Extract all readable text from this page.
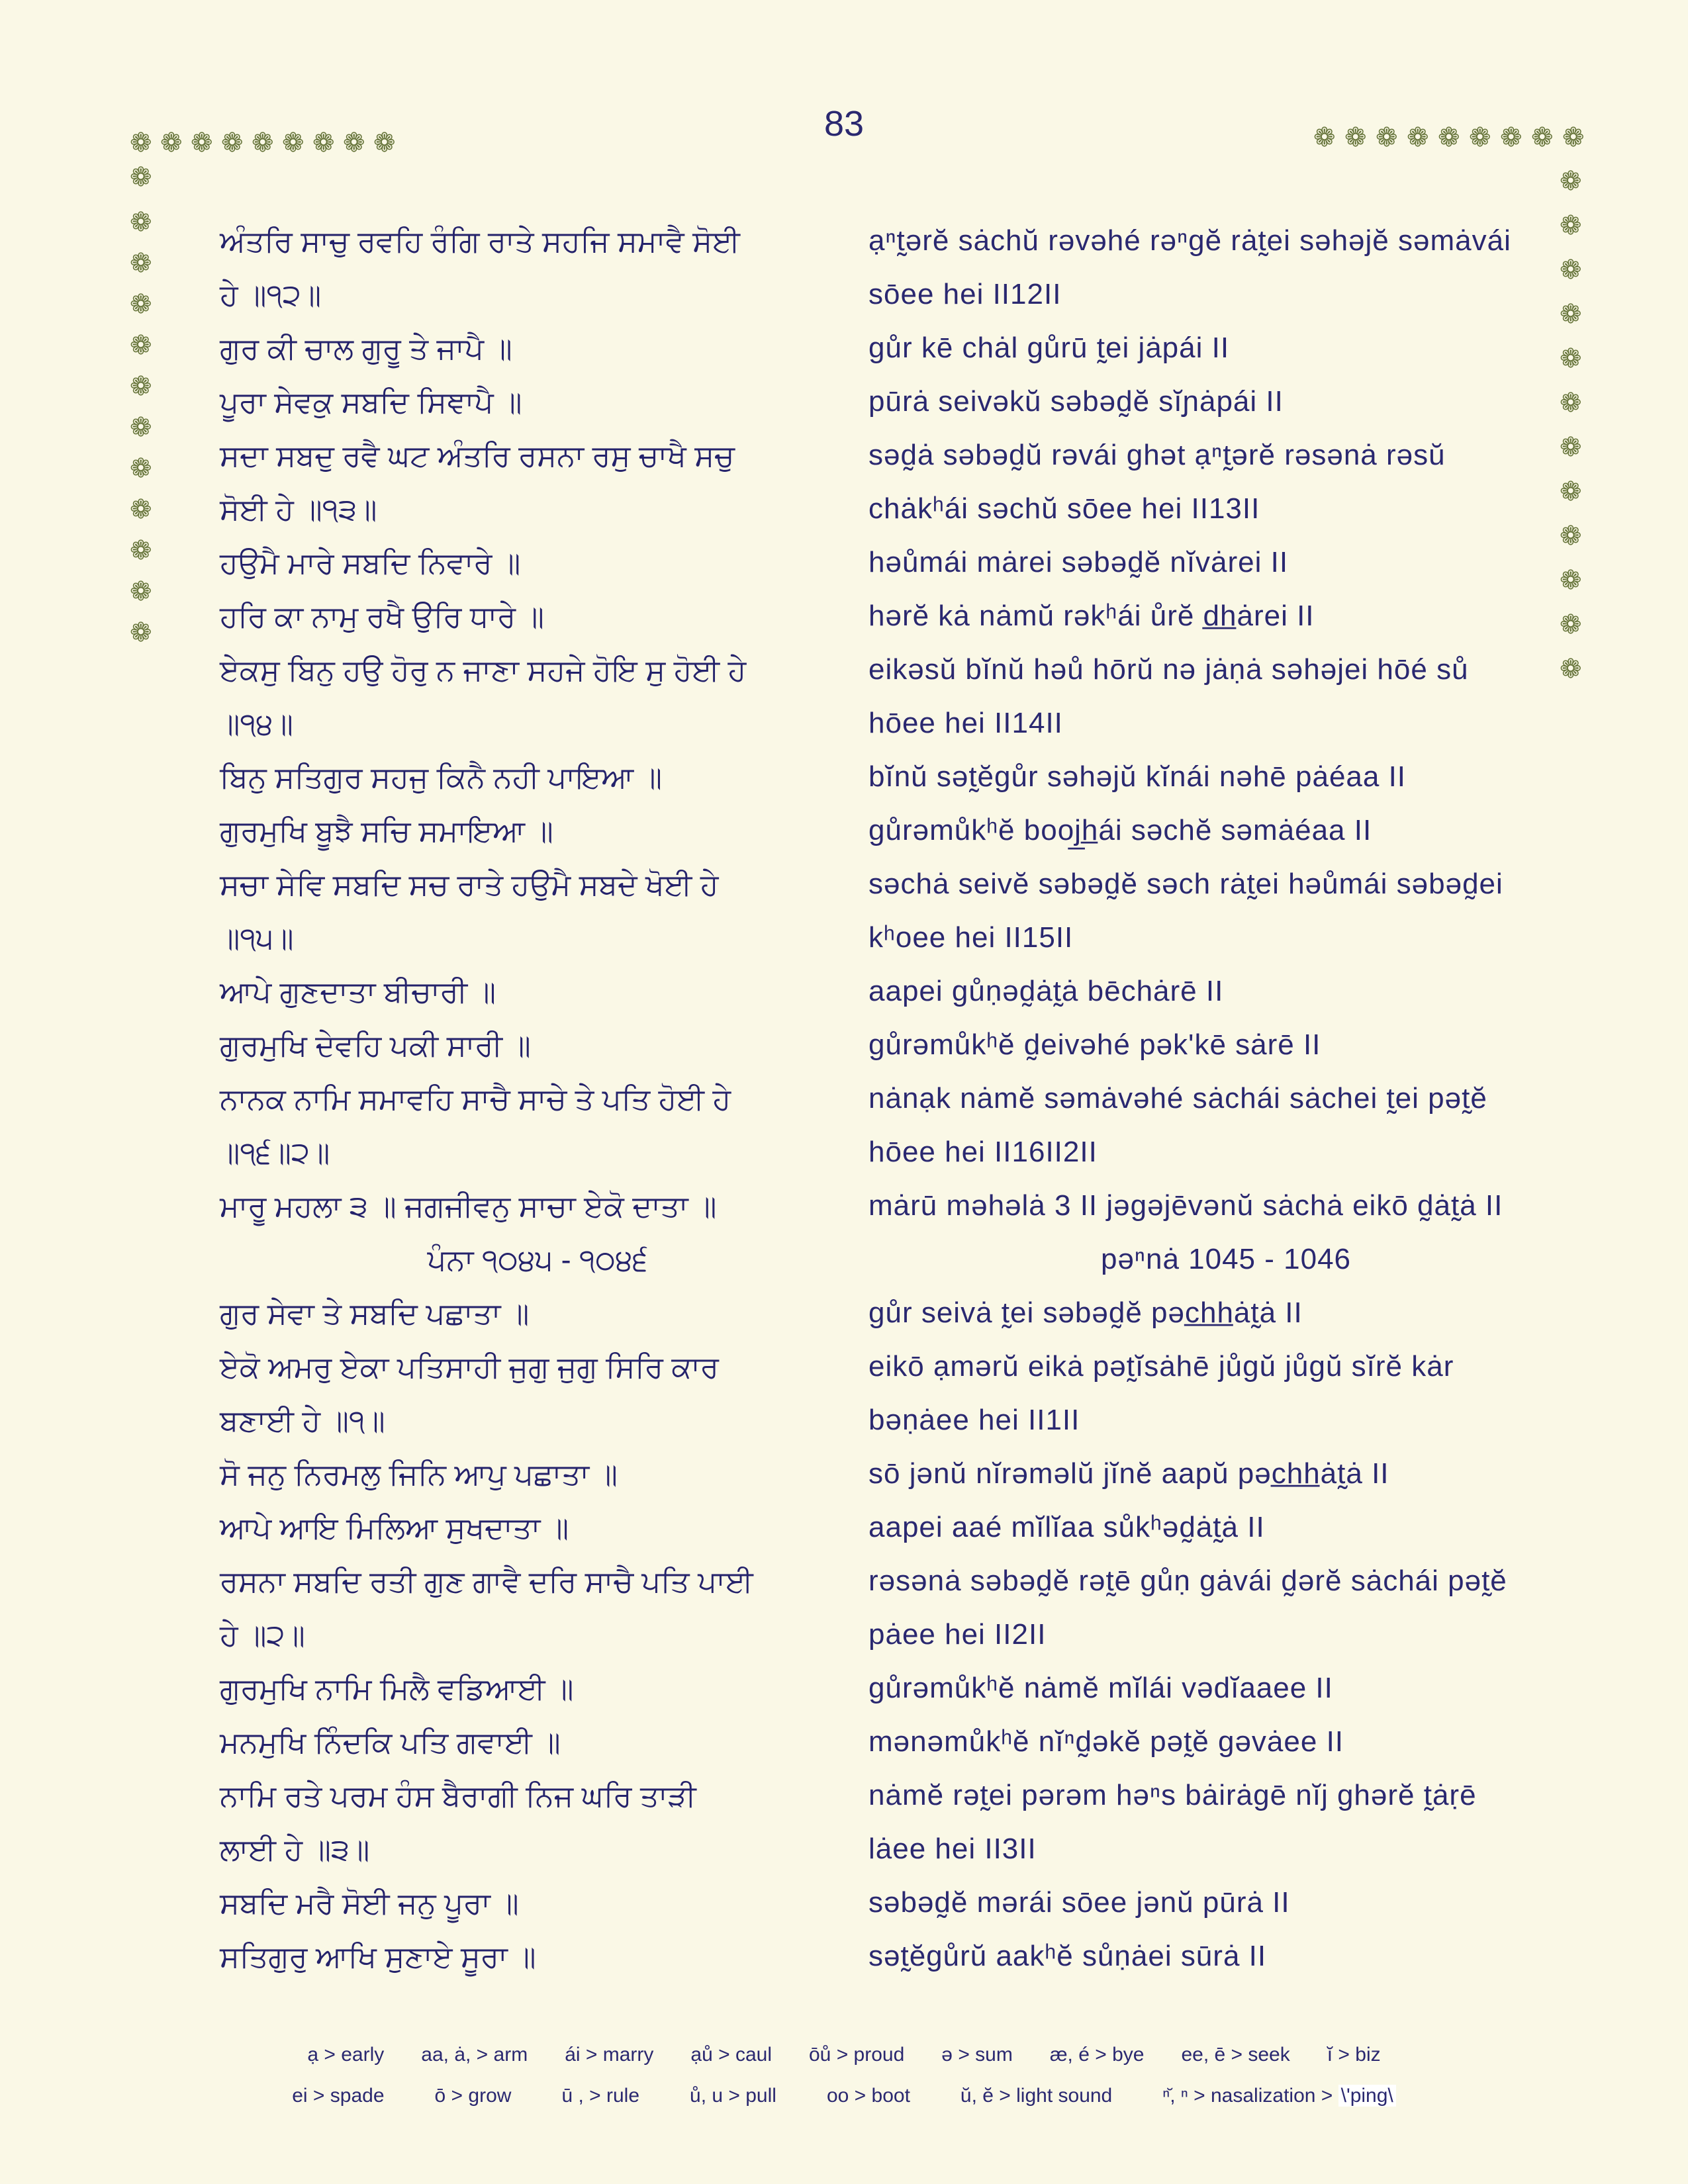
83
❁ ❁ ❁ ❁ ❁ ❁ ❁ ❁ ❁
❁
❁
❁
❁
❁
❁
❁
❁
❁
❁
❁
❁
❁ ❁ ❁ ❁ ❁ ❁ ❁ ❁ ❁
❁
❁
❁
❁
❁
❁
❁
❁
❁
❁
❁
❁
ਅੰਤਰਿ ਸਾਚੁ ਰਵਹਿ ਰੰਗਿ ਰਾਤੇ ਸਹਜਿ ਸਮਾਵੈ ਸੋਈ	ạⁿt̰ərĕ sȧchŭ rəvəhé rəⁿgĕ rȧt̰ei səhəjĕ səmȧvái
ਹੇ ॥੧੨॥	sōee hei II12II
ਗੁਰ ਕੀ ਚਾਲ ਗੁਰੂ ਤੇ ਜਾਪੈ ॥	gůr kē chȧl gůrū t̰ei jȧpái II
ਪੂਰਾ ਸੇਵਕੁ ਸਬਦਿ ਸਿਞਾਪੈ ॥	pūrȧ seivəkŭ səbəd̰ĕ sĭɲȧpái II
ਸਦਾ ਸਬਦੁ ਰਵੈ ਘਟ ਅੰਤਰਿ ਰਸਨਾ ਰਸੁ ਚਾਖੈ ਸਚੁ	səd̰ȧ səbəd̰ŭ rəvái ghət ạⁿt̰ərĕ rəsənȧ rəsŭ
ਸੋਈ ਹੇ ॥੧੩॥	chȧkʰái səchŭ sōee hei II13II
ਹਉਮੈ ਮਾਰੇ ਸਬਦਿ ਨਿਵਾਰੇ ॥	həůmái mȧrei səbəd̰ĕ nĭvȧrei II
ਹਰਿ ਕਾ ਨਾਮੁ ਰਖੈ ਉਰਿ ਧਾਰੇ ॥	hərĕ kȧ nȧmŭ rəkʰái ůrĕ d̲h̲ȧrei II
ਏਕਸੁ ਬਿਨੁ ਹਉ ਹੋਰੁ ਨ ਜਾਣਾ ਸਹਜੇ ਹੋਇ ਸੁ ਹੋਈ ਹੇ	eikəsŭ bĭnŭ həů hōrŭ nə jȧṇȧ səhəjei hōé sů
॥੧੪॥	hōee hei II14II
ਬਿਨੁ ਸਤਿਗੁਰ ਸਹਜੁ ਕਿਨੈ ਨਹੀ ਪਾਇਆ ॥	bĭnŭ sət̰ĕgůr səhəjŭ kĭnái nəhē pȧéaa II
ਗੁਰਮੁਖਿ ਬੂਝੈ ਸਚਿ ਸਮਾਇਆ ॥	gůrəmůkʰĕ booj̲h̲ái səchĕ səmȧéaa II
ਸਚਾ ਸੇਵਿ ਸਬਦਿ ਸਚ ਰਾਤੇ ਹਉਮੈ ਸਬਦੇ ਖੋਈ ਹੇ	səchȧ seivĕ səbəd̰ĕ səch rȧt̰ei həůmái səbəd̰ei
॥੧੫॥	kʰoee hei II15II
ਆਪੇ ਗੁਣਦਾਤਾ ਬੀਚਾਰੀ ॥	aapei gůṇəd̰ȧt̰ȧ bēchȧrē II
ਗੁਰਮੁਖਿ ਦੇਵਹਿ ਪਕੀ ਸਾਰੀ ॥	gůrəmůkʰĕ d̰eivəhé pək'kē sȧrē II
ਨਾਨਕ ਨਾਮਿ ਸਮਾਵਹਿ ਸਾਚੈ ਸਾਚੇ ਤੇ ਪਤਿ ਹੋਈ ਹੇ	nȧnạk nȧmĕ səmȧvəhé sȧchái sȧchei t̰ei pət̰ĕ
॥੧੬॥੨॥	hōee hei II16II2II
ਮਾਰੂ ਮਹਲਾ ੩ ॥ ਜਗਜੀਵਨੁ ਸਾਚਾ ਏਕੋ ਦਾਤਾ ॥	mȧrū məhəlȧ 3 II jəgəjēvənŭ sȧchȧ eikō d̰ȧt̰ȧ II
ਪੰਨਾ ੧੦੪੫ - ੧੦੪੬	pəⁿnȧ 1045 - 1046
ਗੁਰ ਸੇਵਾ ਤੇ ਸਬਦਿ ਪਛਾਤਾ ॥	gůr seivȧ t̰ei səbəd̰ĕ pəc̲h̲h̲ȧt̰ȧ II
ਏਕੋ ਅਮਰੁ ਏਕਾ ਪਤਿਸਾਹੀ ਜੁਗੁ ਜੁਗੁ ਸਿਰਿ ਕਾਰ	eikō ạmərŭ eikȧ pət̰ĭsȧhē jůgŭ jůgŭ sĭrĕ kȧr
ਬਣਾਈ ਹੇ ॥੧॥	bəṇȧee hei II1II
ਸੋ ਜਨੁ ਨਿਰਮਲੁ ਜਿਨਿ ਆਪੁ ਪਛਾਤਾ ॥	sō jənŭ nĭrəməlŭ jĭnĕ aapŭ pəc̲h̲h̲ȧt̰ȧ II
ਆਪੇ ਆਇ ਮਿਲਿਆ ਸੁਖਦਾਤਾ ॥	aapei aaé mĭlĭaa sůkʰəd̰ȧt̰ȧ II
ਰਸਨਾ ਸਬਦਿ ਰਤੀ ਗੁਣ ਗਾਵੈ ਦਰਿ ਸਾਚੈ ਪਤਿ ਪਾਈ	rəsənȧ səbəd̰ĕ rət̰ē gůṇ gȧvái d̰ərĕ sȧchái pət̰ĕ
ਹੇ ॥੨॥	pȧee hei II2II
ਗੁਰਮੁਖਿ ਨਾਮਿ ਮਿਲੈ ਵਡਿਆਈ ॥	gůrəmůkʰĕ nȧmĕ mĭlái vədĭaaee II
ਮਨਮੁਖਿ ਨਿੰਦਕਿ ਪਤਿ ਗਵਾਈ ॥	mənəmůkʰĕ nĭⁿd̰əkĕ pət̰ĕ gəvȧee II
ਨਾਮਿ ਰਤੇ ਪਰਮ ਹੰਸ ਬੈਰਾਗੀ ਨਿਜ ਘਰਿ ਤਾੜੀ	nȧmĕ rət̰ei pərəm həⁿs bȧirȧgē nĭj ghərĕ t̰ȧṛē
ਲਾਈ ਹੇ ॥੩॥	lȧee hei II3II
ਸਬਦਿ ਮਰੈ ਸੋਈ ਜਨੁ ਪੂਰਾ ॥	səbəd̰ĕ mərái sōee jənŭ pūrȧ II
ਸਤਿਗੁਰੁ ਆਖਿ ਸੁਣਾਏ ਸੂਰਾ ॥	sət̰ĕgůrŭ aakʰĕ sůṇȧei sūrȧ II
ạ > early aa, ȧ, > arm ái > marry ạů > caul ōů > proud ə > sum æ, é > bye ee, ē > seek ĭ > biz
ei > spade	ō > grow	ū , > rule	ů, u > pull	oo > boot	ŭ, ĕ > light sound	ⁿ̆, ⁿ > nasalization > \'ping\
